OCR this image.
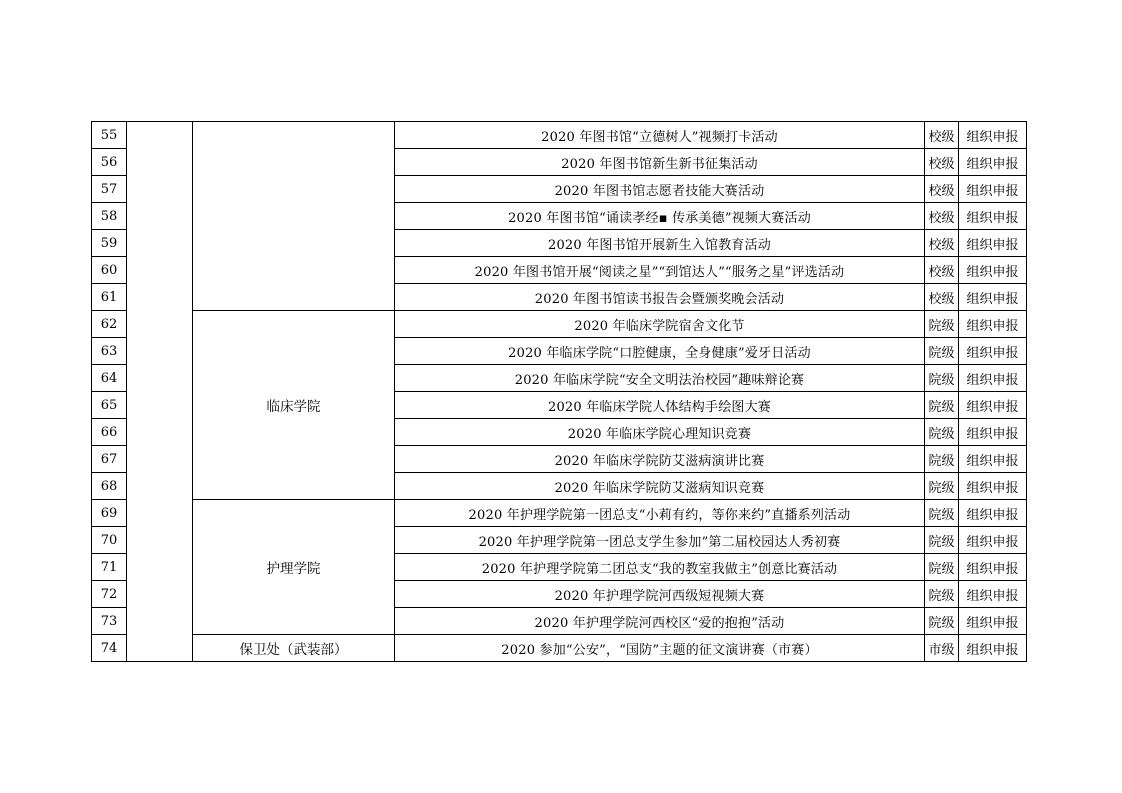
55			2020 年图书馆“立德树人”视频打卡活动	校级	组织申报
56			2020 年图书馆新生新书征集活动	校级	组织申报
57			2020 年图书馆志愿者技能大赛活动	校级	组织申报
58			2020 年图书馆“诵读孝经▪ 传承美德”视频大赛活动	校级	组织申报
59			2020 年图书馆开展新生入馆教育活动	校级	组织申报
60			2020 年图书馆开展“阅读之星”“到馆达人”“服务之星”评选活动	校级	组织申报
61			2020 年图书馆读书报告会暨颁奖晚会活动	校级	组织申报
62		临床学院	2020 年临床学院宿舍文化节	院级	组织申报
63			2020 年临床学院“口腔健康，全身健康”爱牙日活动	院级	组织申报
64			2020 年临床学院“安全文明法治校园”趣味辩论赛	院级	组织申报
65			2020 年临床学院人体结构手绘图大赛	院级	组织申报
66			2020 年临床学院心理知识竞赛	院级	组织申报
67			2020 年临床学院防艾滋病演讲比赛	院级	组织申报
68			2020 年临床学院防艾滋病知识竞赛	院级	组织申报
69		护理学院	2020 年护理学院第一团总支“小莉有约，等你来约”直播系列活动	院级	组织申报
70			2020 年护理学院第一团总支学生参加”第二届校园达人秀初赛	院级	组织申报
71			2020 年护理学院第二团总支“我的教室我做主”创意比赛活动	院级	组织申报
72			2020 年护理学院河西级短视频大赛	院级	组织申报
73			2020 年护理学院河西校区“爱的抱抱”活动	院级	组织申报
74		保卫处（武装部）	2020 参加“公安”，“国防”主题的征文演讲赛（市赛）	市级	组织申报
